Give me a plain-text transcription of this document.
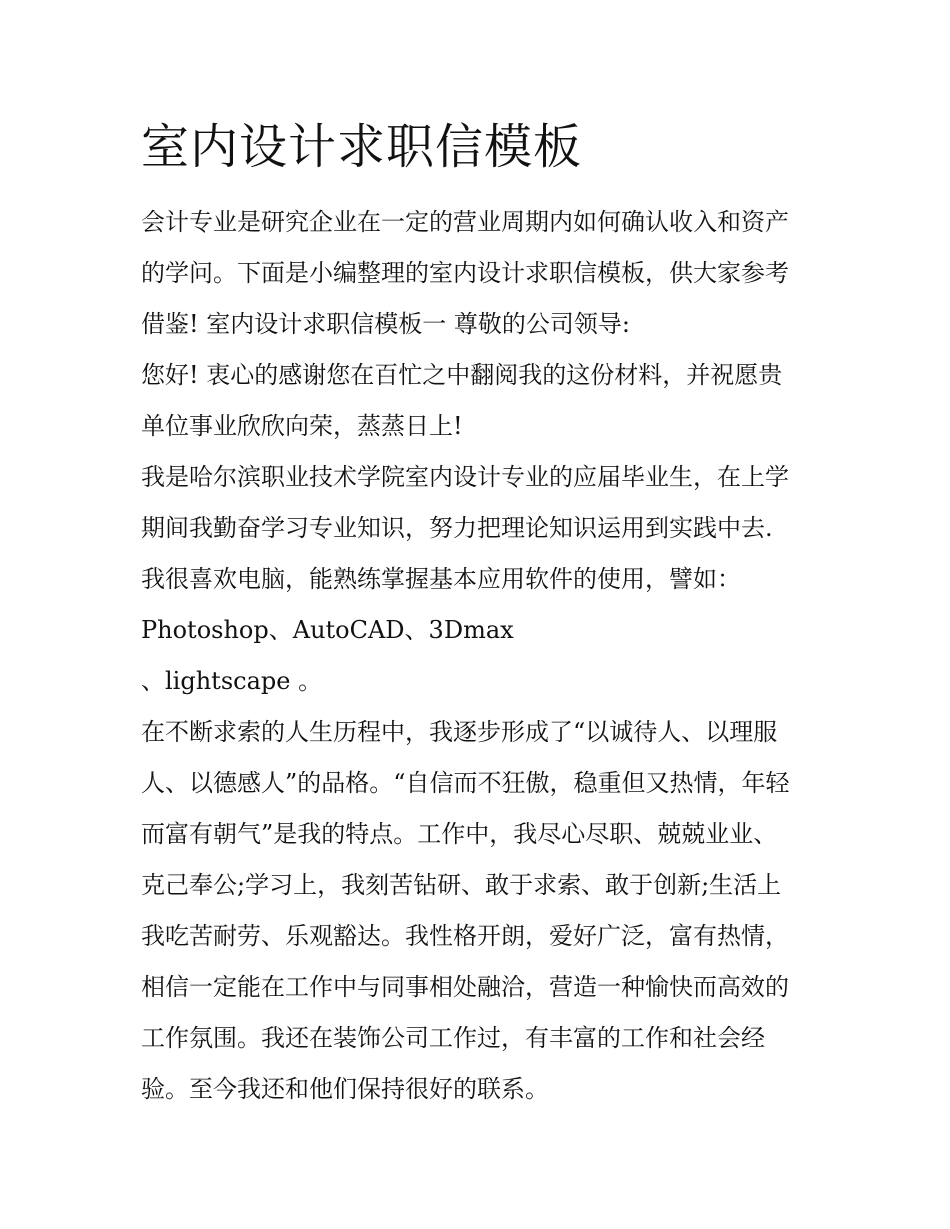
室内设计求职信模板
会计专业是研究企业在一定的营业周期内如何确认收入和资产
的学问。下面是小编整理的室内设计求职信模板，供大家参考
借鉴! 室内设计求职信模板一 尊敬的公司领导:
您好! 衷心的感谢您在百忙之中翻阅我的这份材料，并祝愿贵
单位事业欣欣向荣，蒸蒸日上!
我是哈尔滨职业技术学院室内设计专业的应届毕业生，在上学
期间我勤奋学习专业知识，努力把理论知识运用到实践中去.
我很喜欢电脑，能熟练掌握基本应用软件的使用，譬如：
Photoshop、AutoCAD、3Dmax
、lightscape 。
在不断求索的人生历程中，我逐步形成了“以诚待人、以理服
人、以德感人”的品格。“自信而不狂傲，稳重但又热情，年轻
而富有朝气”是我的特点。工作中，我尽心尽职、兢兢业业、
克己奉公;学习上，我刻苦钻研、敢于求索、敢于创新;生活上
我吃苦耐劳、乐观豁达。我性格开朗，爱好广泛，富有热情，
相信一定能在工作中与同事相处融洽，营造一种愉快而高效的
工作氛围。我还在装饰公司工作过，有丰富的工作和社会经
验。至今我还和他们保持很好的联系。
